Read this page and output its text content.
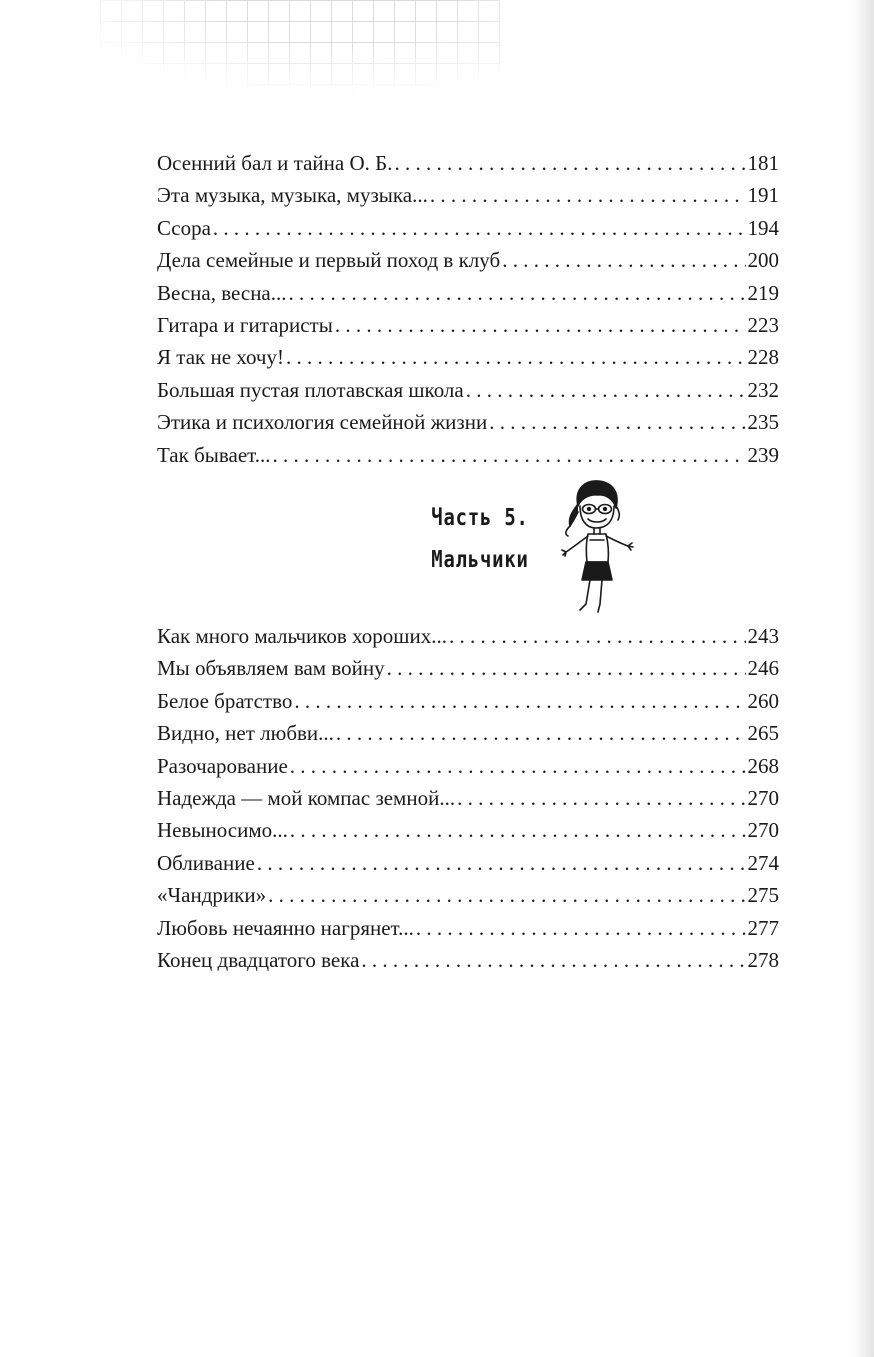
Осенний бал и тайна О. Б. . . .	181
Эта музыка, музыка, музыка... . . .	191
Ссора . . .	194
Дела семейные и первый поход в клуб . . .	200
Весна, весна... . . .	219
Гитара и гитаристы . . .	223
Я так не хочу! . . .	228
Большая пустая плотавская школа . . .	232
Этика и психология семейной жизни . . .	235
Так бывает... . . .	239
Часть 5.
Мальчики
Как много мальчиков хороших... . . .	243
Мы объявляем вам войну . . .	246
Белое братство . . .	260
Видно, нет любви... . . .	265
Разочарование . . .	268
Надежда — мой компас земной... . . .	270
Невыносимо... . . .	270
Обливание . . .	274
«Чандрики» . . .	275
Любовь нечаянно нагрянет... . . .	277
Конец двадцатого века . . .	278
